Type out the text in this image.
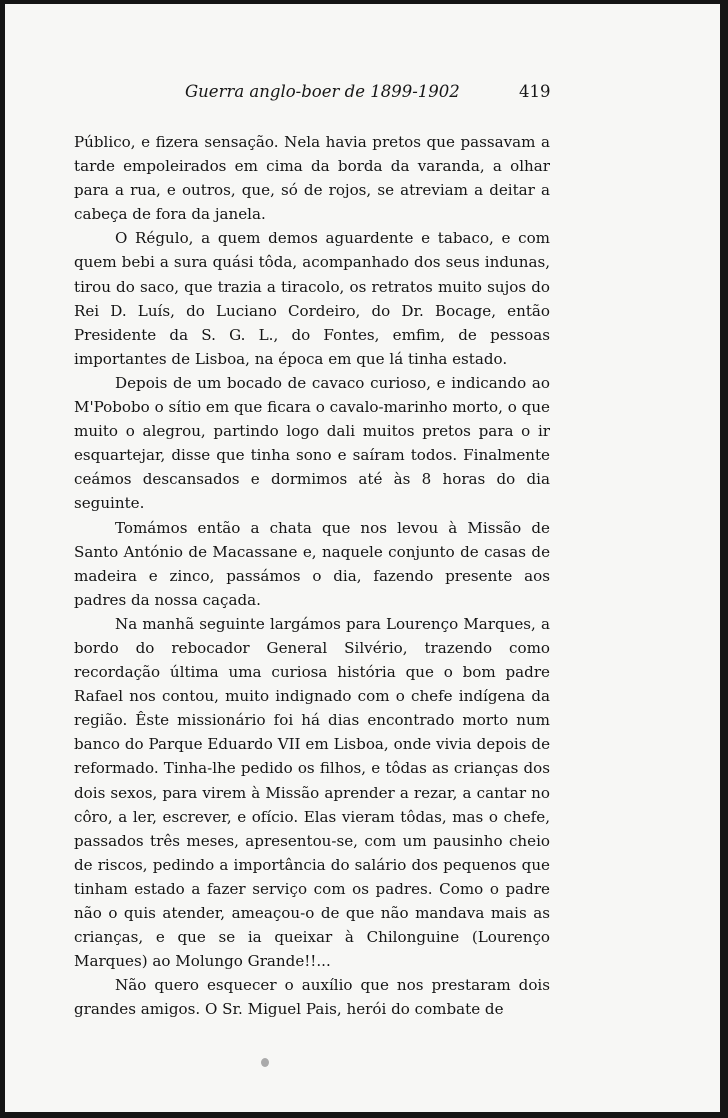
Guerra anglo-boer de 1899-1902	419

Público, e fizera sensação. Nela havia pretos que passavam a tarde empoleirados em cima da borda da varanda, a olhar para a rua, e outros, que, só de rojos, se atreviam a deitar a cabeça de fora da janela.

O Régulo, a quem demos aguardente e tabaco, e com quem bebi a sura quási tôda, acompanhado dos seus indunas, tirou do saco, que trazia a tiracolo, os retratos muito sujos do Rei D. Luís, do Luciano Cordeiro, do Dr. Bocage, então Presidente da S. G. L., do Fontes, emfim, de pessoas importantes de Lisboa, na época em que lá tinha estado.

Depois de um bocado de cavaco curioso, e indicando ao M'Pobobo o sítio em que ficara o cavalo-marinho morto, o que muito o alegrou, partindo logo dali muitos pretos para o ir esquartejar, disse que tinha sono e saíram todos. Finalmente ceámos descansados e dormimos até às 8 horas do dia seguinte.

Tomámos então a chata que nos levou à Missão de Santo António de Macassane e, naquele conjunto de casas de madeira e zinco, passámos o dia, fazendo presente aos padres da nossa caçada.

Na manhã seguinte largámos para Lourenço Marques, a bordo do rebocador General Silvério, trazendo como recordação última uma curiosa história que o bom padre Rafael nos contou, muito indignado com o chefe indígena da região. Êste missionário foi há dias encontrado morto num banco do Parque Eduardo VII em Lisboa, onde vivia depois de reformado. Tinha-lhe pedido os filhos, e tôdas as crianças dos dois sexos, para virem à Missão aprender a rezar, a cantar no côro, a ler, escrever, e ofício. Elas vieram tôdas, mas o chefe, passados três meses, apresentou-se, com um pausinho cheio de riscos, pedindo a importância do salário dos pequenos que tinham estado a fazer serviço com os padres. Como o padre não o quis atender, ameaçou-o de que não mandava mais as crianças, e que se ia queixar à Chilonguine (Lourenço Marques) ao Molungo Grande!!...

Não quero esquecer o auxílio que nos prestaram dois grandes amigos. O Sr. Miguel Pais, herói do combate de
